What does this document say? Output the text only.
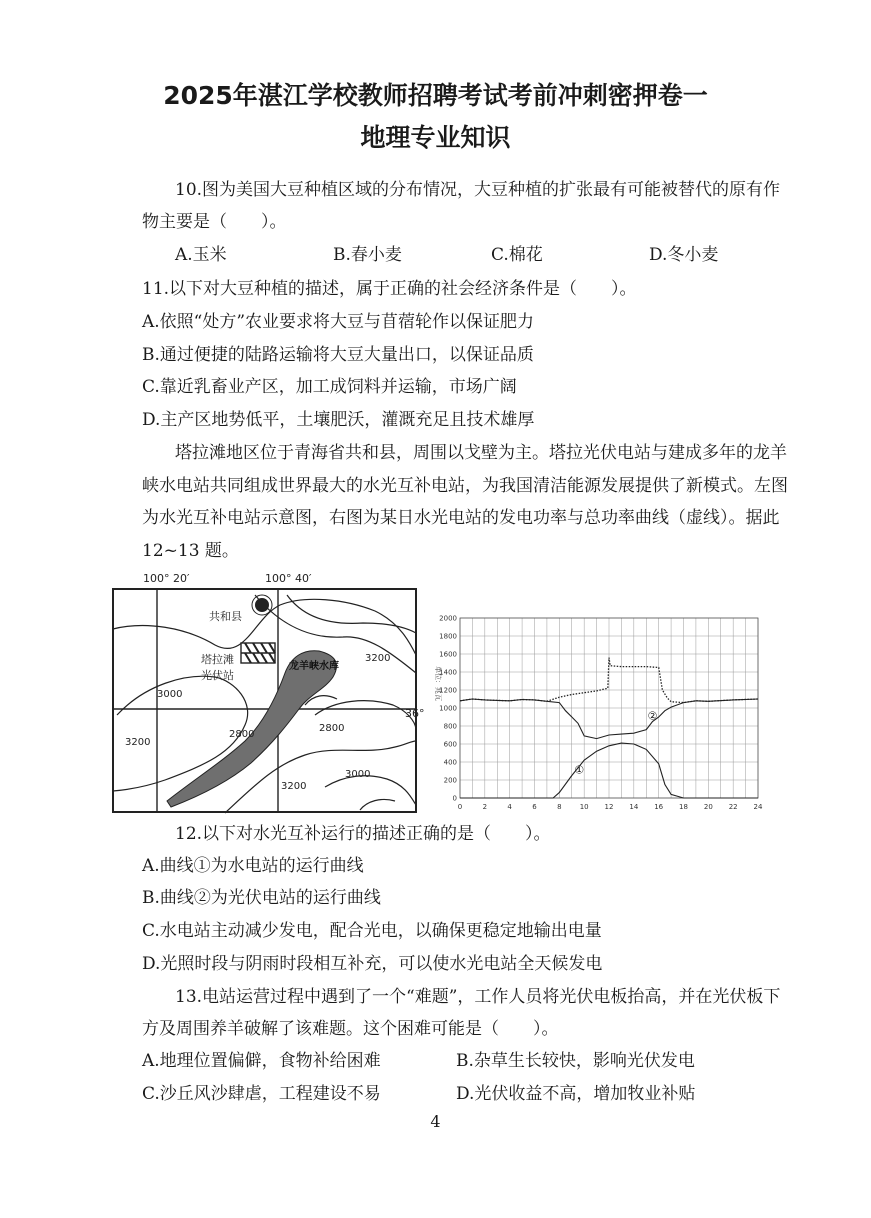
2025年湛江学校教师招聘考试考前冲刺密押卷一
地理专业知识
10.图为美国大豆种植区域的分布情况，大豆种植的扩张最有可能被替代的原有作
物主要是（　　）。
A.玉米	B.春小麦	C.棉花	D.冬小麦
11.以下对大豆种植的描述，属于正确的社会经济条件是（　　）。
A.依照“处方”农业要求将大豆与苜蓿轮作以保证肥力
B.通过便捷的陆路运输将大豆大量出口，以保证品质
C.靠近乳畜业产区，加工成饲料并运输，市场广阔
D.主产区地势低平，土壤肥沃，灌溉充足且技术雄厚
塔拉滩地区位于青海省共和县，周围以戈壁为主。塔拉光伏电站与建成多年的龙羊
峡水电站共同组成世界最大的水光互补电站，为我国清洁能源发展提供了新模式。左图
为水光互补电站示意图，右图为某日水光电站的发电功率与总功率曲线（虚线）。据此
12~13 题。
100° 20′	100° 40′
共和县
塔拉滩
光伏站
龙羊峡水库
3000
2800
2800
3200
3200
3000
3200
36°
单位：兆瓦
0	2	4	6	8	10 12 14 16 18 20 22 24
0
200
400
600
800
1000
1200
1400
1600
1800
2000
①
②
12.以下对水光互补运行的描述正确的是（　　）。
A.曲线①为水电站的运行曲线
B.曲线②为光伏电站的运行曲线
C.水电站主动减少发电，配合光电，以确保更稳定地输出电量
D.光照时段与阴雨时段相互补充，可以使水光电站全天候发电
13.电站运营过程中遇到了一个“难题”，工作人员将光伏电板抬高，并在光伏板下
方及周围养羊破解了该难题。这个困难可能是（　　）。
A.地理位置偏僻，食物补给困难	B.杂草生长较快，影响光伏发电
C.沙丘风沙肆虐，工程建设不易	D.光伏收益不高，增加牧业补贴
4
